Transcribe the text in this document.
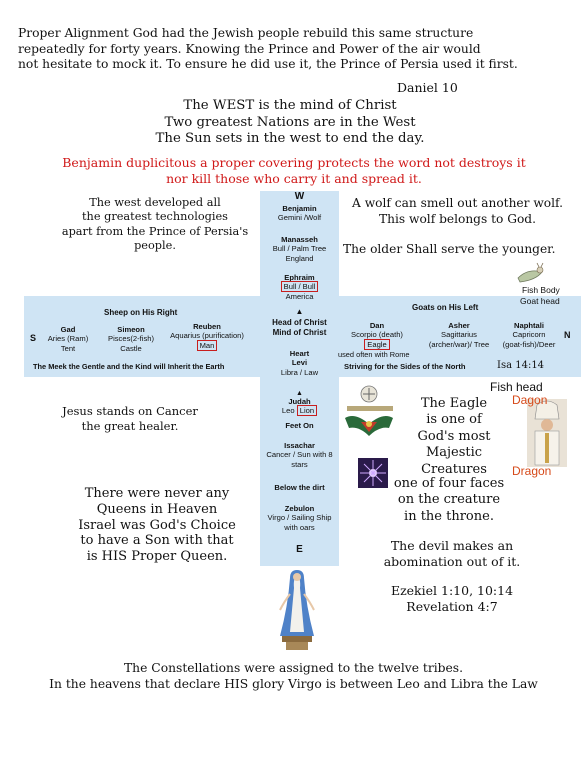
Proper Alignment God had the Jewish people rebuild this same structure
repeatedly for forty years. Knowing the Prince and Power of the air would
not hesitate to mock it. To ensure he did use it, the Prince of Persia used it first.
Daniel 10
The WEST is the mind of Christ
Two greatest Nations are in the West
The Sun sets in the west to end the day.
Benjamin duplicitous a proper covering protects the word not destroys it
nor kill those who carry it and spread it.
W
Benjamin
Gemini /Wolf
Manasseh
Bull / Palm Tree
England
Ephraim
Bull / Bull
America
▲
Head of Christ
Mind of Christ
Heart
Levi
Libra / Law
▲
Judah
Leo Lion
Feet On
Issachar
Cancer / Sun with 8
stars
Below the dirt
Zebulon
Virgo / Sailing Ship
with oars
E
Sheep on His Right
S
Gad
Aries (Ram)
Tent
Simeon
Pisces(2-fish)
Castle
Reuben
Aquarius (purification)
Man
The Meek the Gentle and the Kind will Inherit the Earth
Goats on His Left
Dan
Scorpio (death)
Eagle
used often with Rome
Asher
Sagittarius
(archer/war)/ Tree
Naphtali
Capricorn
(goat-fish)/Deer
N
Striving for the Sides of the North	Isa 14:14
The west developed all
the greatest technologies
apart from the Prince of Persia's
people.
Jesus stands on Cancer
the great healer.
There were never any
Queens in Heaven
Israel was God's Choice
to have a Son with that
is HIS Proper Queen.
A wolf can smell out another wolf.
This wolf belongs to God.
The older Shall serve the younger.
Fish Body
Goat head
Fish head
Dagon
Dragon
The Eagle
is one of
God's most
Majestic
Creatures
one of four faces
on the creature
in the throne.
The devil makes an
abomination out of it.
Ezekiel 1:10, 10:14
Revelation 4:7
The Constellations were assigned to the twelve tribes.
In the heavens that declare HIS glory Virgo is between Leo and Libra the Law
